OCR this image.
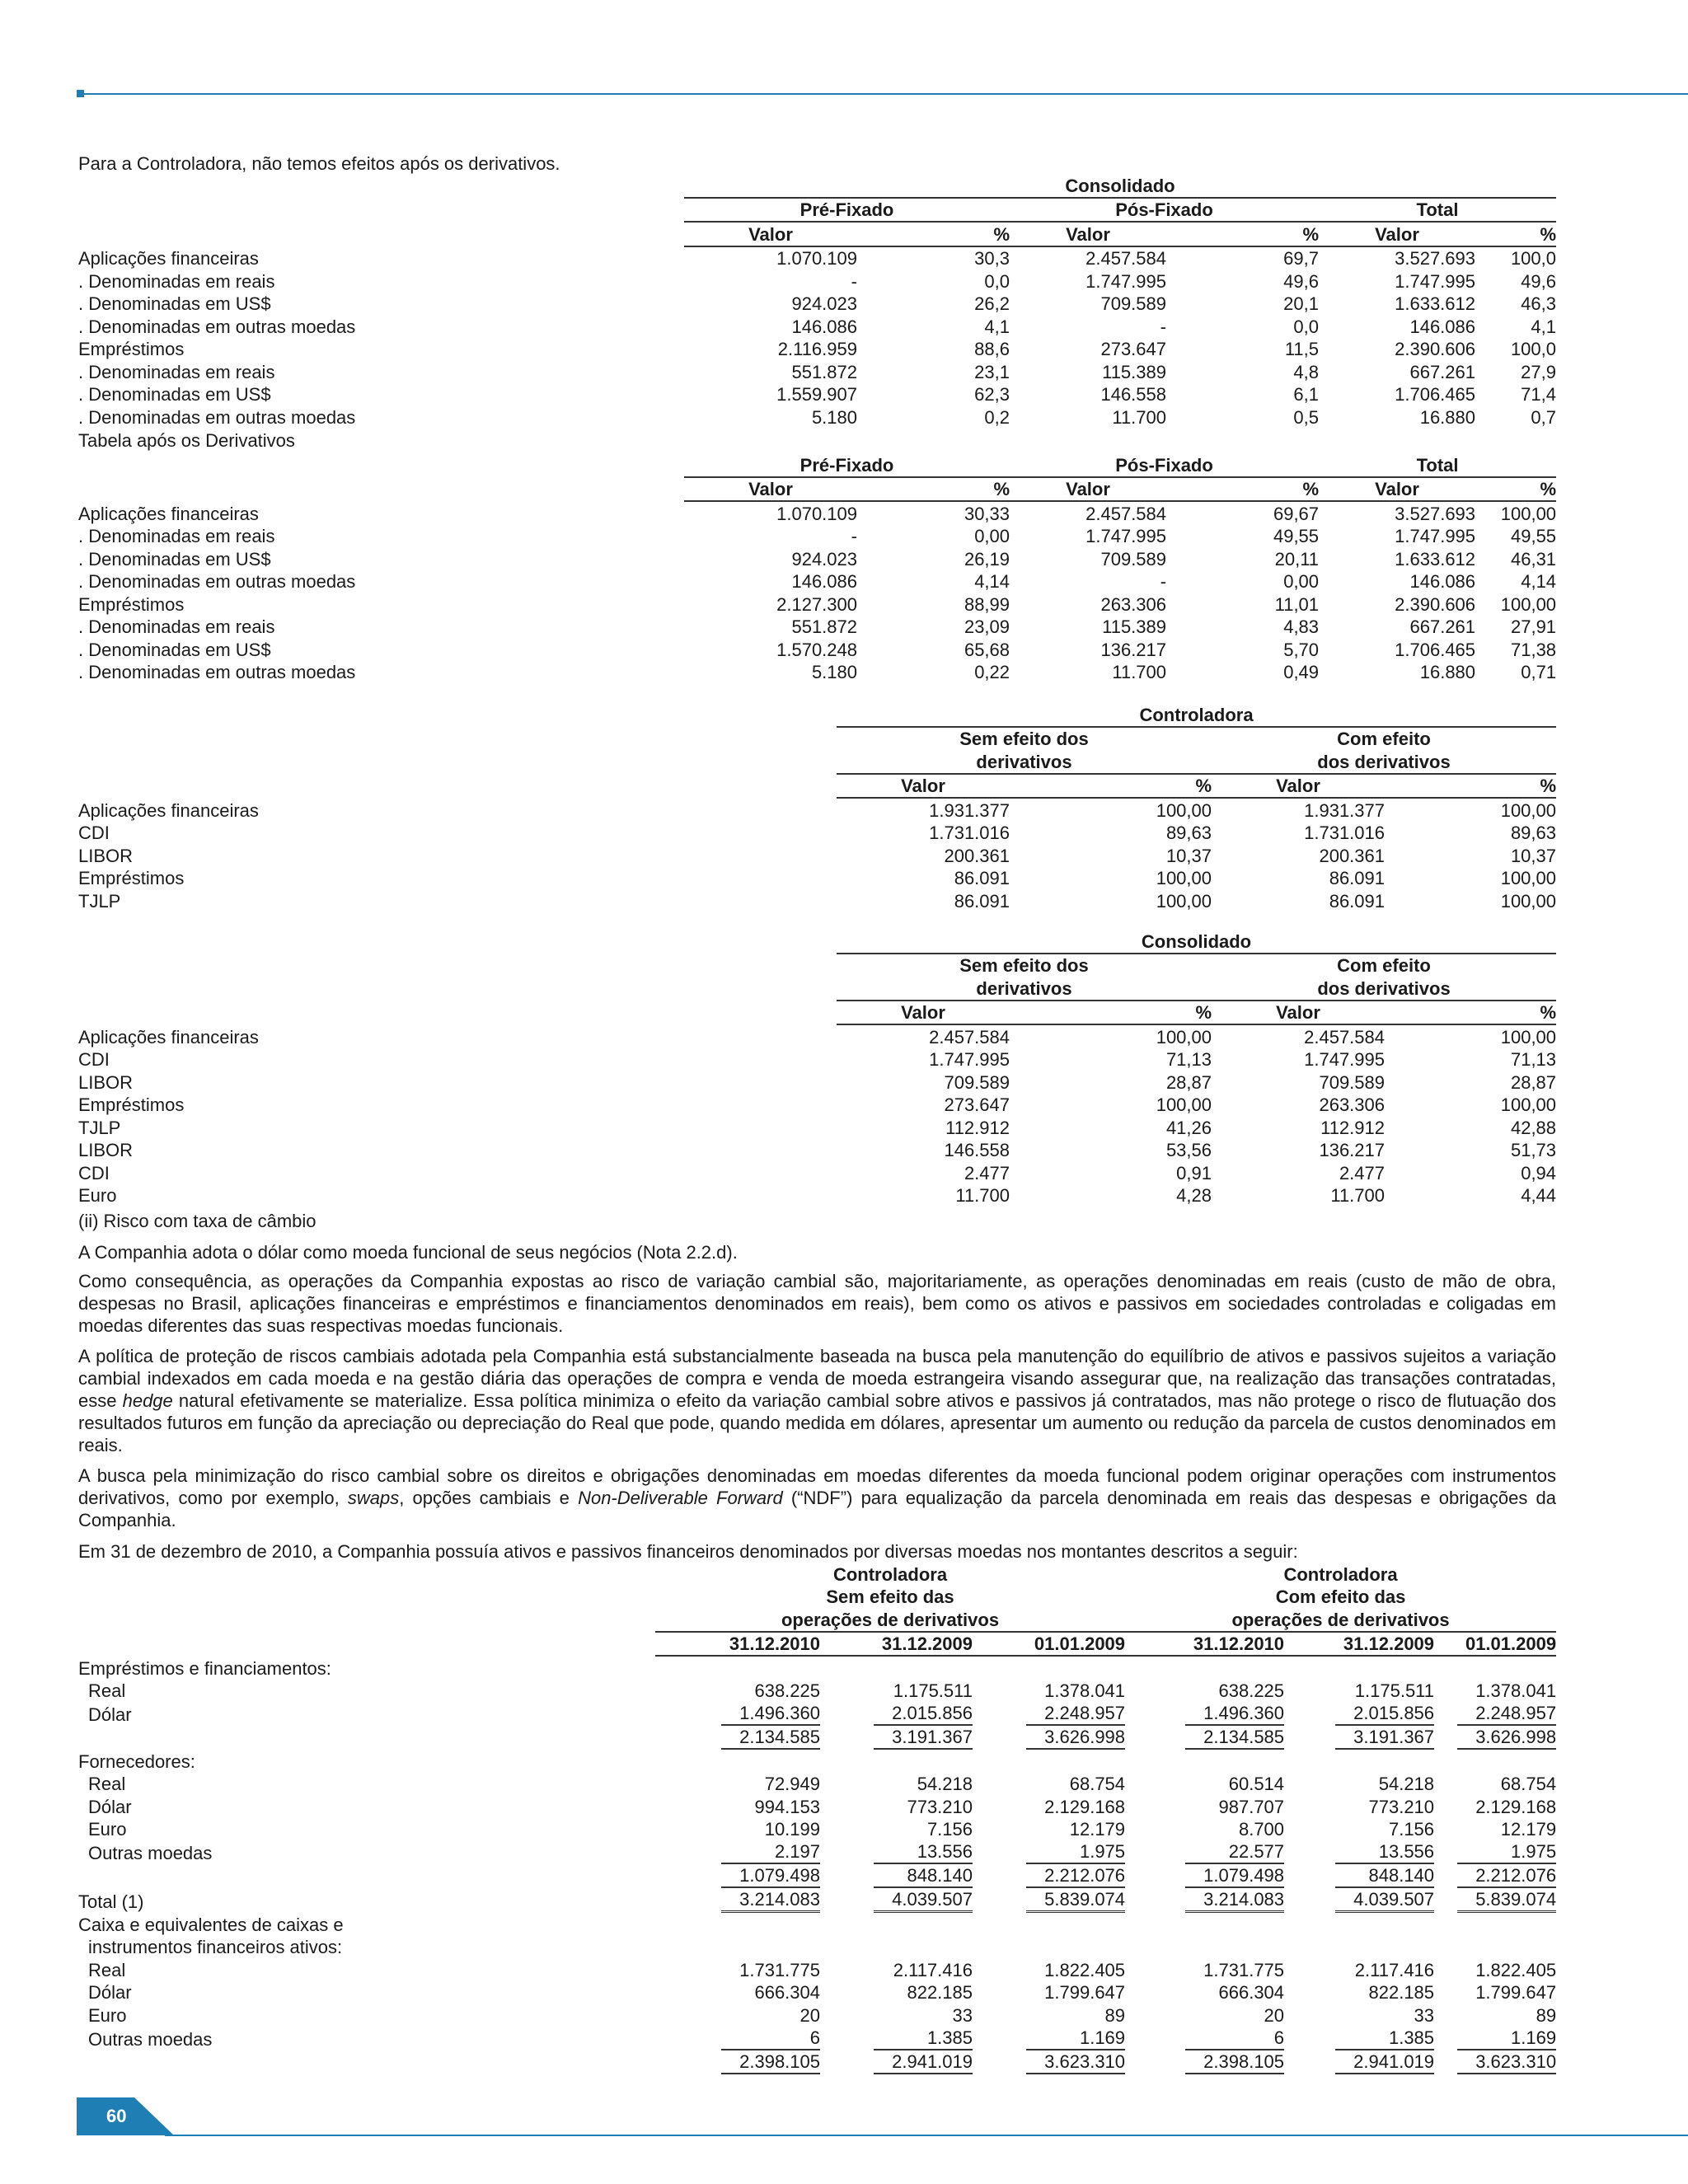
Para a Controladora, não temos efeitos após os derivativos.
	Consolidado					
	Pré-Fixado		Pós-Fixado		Total	
	Valor	%	Valor	%	Valor	%
Aplicações financeiras	1.070.109	30,3	2.457.584	69,7	3.527.693	100,0
. Denominadas em reais	-	0,0	1.747.995	49,6	1.747.995	49,6
. Denominadas em US$	924.023	26,2	709.589	20,1	1.633.612	46,3
. Denominadas em outras moedas	146.086	4,1	-	0,0	146.086	4,1
Empréstimos	2.116.959	88,6	273.647	11,5	2.390.606	100,0
. Denominadas em reais	551.872	23,1	115.389	4,8	667.261	27,9
. Denominadas em US$	1.559.907	62,3	146.558	6,1	1.706.465	71,4
. Denominadas em outras moedas	5.180	0,2	11.700	0,5	16.880	0,7
Tabela após os Derivativos
	Pré-Fixado		Pós-Fixado		Total	
	Valor	%	Valor	%	Valor	%
Aplicações financeiras	1.070.109	30,33	2.457.584	69,67	3.527.693	100,00
. Denominadas em reais	-	0,00	1.747.995	49,55	1.747.995	49,55
. Denominadas em US$	924.023	26,19	709.589	20,11	1.633.612	46,31
. Denominadas em outras moedas	146.086	4,14	-	0,00	146.086	4,14
Empréstimos	2.127.300	88,99	263.306	11,01	2.390.606	100,00
. Denominadas em reais	551.872	23,09	115.389	4,83	667.261	27,91
. Denominadas em US$	1.570.248	65,68	136.217	5,70	1.706.465	71,38
. Denominadas em outras moedas	5.180	0,22	11.700	0,49	16.880	0,71
	Controladora			
	Sem efeito dos		Com efeito	
	derivativos		dos derivativos	
	Valor	%	Valor	%
Aplicações financeiras	1.931.377	100,00	1.931.377	100,00
CDI	1.731.016	89,63	1.731.016	89,63
LIBOR	200.361	10,37	200.361	10,37
Empréstimos	86.091	100,00	86.091	100,00
TJLP	86.091	100,00	86.091	100,00
	Consolidado			
	Sem efeito dos		Com efeito	
	derivativos		dos derivativos	
	Valor	%	Valor	%
Aplicações financeiras	2.457.584	100,00	2.457.584	100,00
CDI	1.747.995	71,13	1.747.995	71,13
LIBOR	709.589	28,87	709.589	28,87
Empréstimos	273.647	100,00	263.306	100,00
TJLP	112.912	41,26	112.912	42,88
LIBOR	146.558	53,56	136.217	51,73
CDI	2.477	0,91	2.477	0,94
Euro	11.700	4,28	11.700	4,44
(ii) Risco com taxa de câmbio
A Companhia adota o dólar como moeda funcional de seus negócios (Nota 2.2.d).

Como consequência, as operações da Companhia expostas ao risco de variação cambial são, majoritariamente, as operações denominadas em reais (custo de mão de obra, despesas no Brasil, aplicações financeiras e empréstimos e financiamentos denominados em reais), bem como os ativos e passivos em sociedades controladas e coligadas em moedas diferentes das suas respectivas moedas funcionais.

A política de proteção de riscos cambiais adotada pela Companhia está substancialmente baseada na busca pela manutenção do equilíbrio de ativos e passivos sujeitos a variação cambial indexados em cada moeda e na gestão diária das operações de compra e venda de moeda estrangeira visando assegurar que, na realização das transações contratadas, esse hedge natural efetivamente se materialize. Essa política minimiza o efeito da variação cambial sobre ativos e passivos já contratados, mas não protege o risco de flutuação dos resultados futuros em função da apreciação ou depreciação do Real que pode, quando medida em dólares, apresentar um aumento ou redução da parcela de custos denominados em reais.

A busca pela minimização do risco cambial sobre os direitos e obrigações denominadas em moedas diferentes da moeda funcional podem originar operações com instrumentos derivativos, como por exemplo, swaps, opções cambiais e Non-Deliverable Forward (“NDF”) para equalização da parcela denominada em reais das despesas e obrigações da Companhia.

Em 31 de dezembro de 2010, a Companhia possuía ativos e passivos financeiros denominados por diversas moedas nos montantes descritos a seguir:
	Controladora			Controladora		
	Sem efeito das			Com efeito das		
	operações de derivativos			operações de derivativos		
	31.12.2010	31.12.2009	01.01.2009	31.12.2010	31.12.2009	01.01.2009
Empréstimos e financiamentos:						
Real	638.225	1.175.511	1.378.041	638.225	1.175.511	1.378.041
Dólar	1.496.360	2.015.856	2.248.957	1.496.360	2.015.856	2.248.957
	2.134.585	3.191.367	3.626.998	2.134.585	3.191.367	3.626.998
Fornecedores:						
Real	72.949	54.218	68.754	60.514	54.218	68.754
Dólar	994.153	773.210	2.129.168	987.707	773.210	2.129.168
Euro	10.199	7.156	12.179	8.700	7.156	12.179
Outras moedas	2.197	13.556	1.975	22.577	13.556	1.975
	1.079.498	848.140	2.212.076	1.079.498	848.140	2.212.076
Total (1)	3.214.083	4.039.507	5.839.074	3.214.083	4.039.507	5.839.074
Caixa e equivalentes de caixas e						
instrumentos financeiros ativos:						
Real	1.731.775	2.117.416	1.822.405	1.731.775	2.117.416	1.822.405
Dólar	666.304	822.185	1.799.647	666.304	822.185	1.799.647
Euro	20	33	89	20	33	89
Outras moedas	6	1.385	1.169	6	1.385	1.169
	2.398.105	2.941.019	3.623.310	2.398.105	2.941.019	3.623.310
60
